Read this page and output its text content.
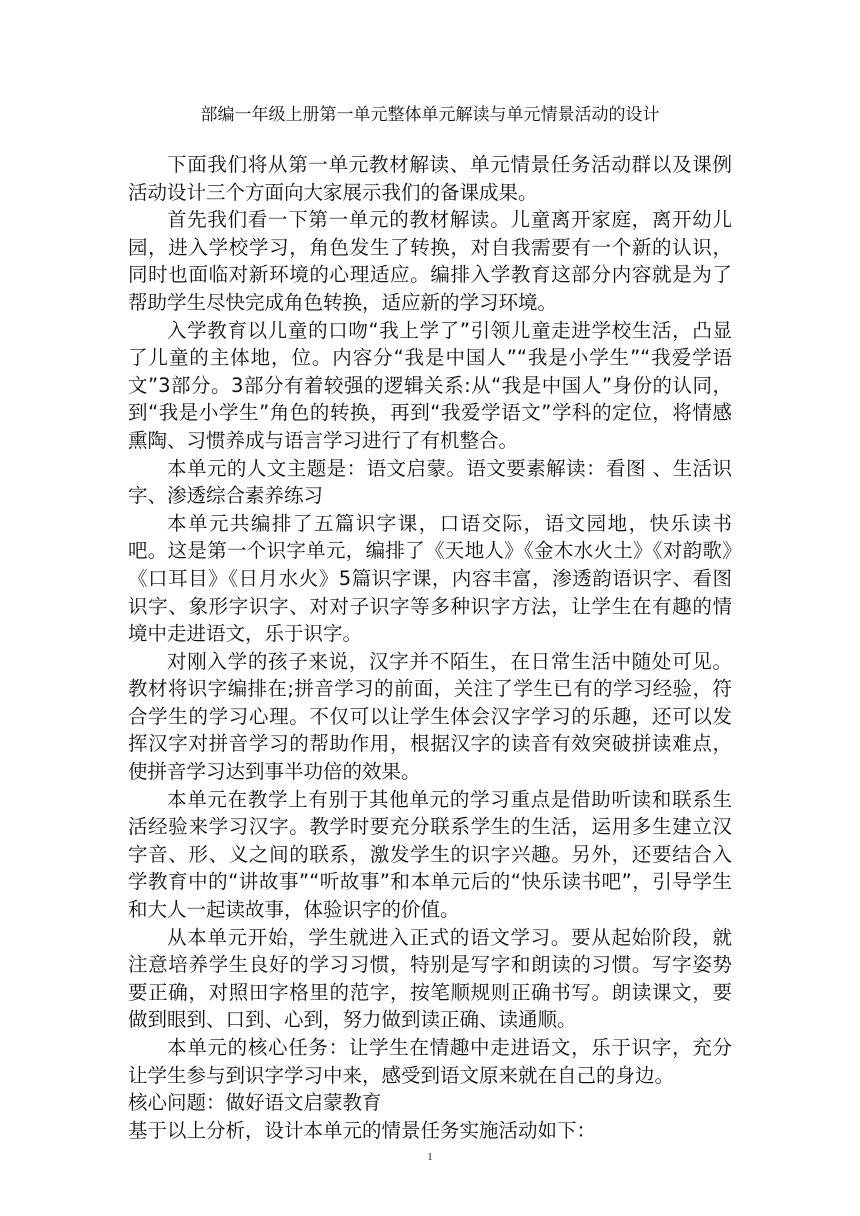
部编一年级上册第一单元整体单元解读与单元情景活动的设计

下面我们将从第一单元教材解读、单元情景任务活动群以及课例活动设计三个方面向大家展示我们的备课成果。

首先我们看一下第一单元的教材解读。儿童离开家庭，离开幼儿园，进入学校学习，角色发生了转换，对自我需要有一个新的认识，同时也面临对新环境的心理适应。编排入学教育这部分内容就是为了帮助学生尽快完成角色转换，适应新的学习环境。

入学教育以儿童的口吻“我上学了”引领儿童走进学校生活，凸显了儿童的主体地，位。内容分“我是中国人”“我是小学生”“我爱学语文”3部分。3部分有着较强的逻辑关系:从“我是中国人”身份的认同，到“我是小学生”角色的转换，再到“我爱学语文”学科的定位，将情感熏陶、习惯养成与语言学习进行了有机整合。

本单元的人文主题是：语文启蒙。语文要素解读：看图 、生活识字、渗透综合素养练习

本单元共编排了五篇识字课，口语交际，语文园地，快乐读书吧。这是第一个识字单元，编排了《天地人》《金木水火土》《对韵歌》《口耳目》《日月水火》5篇识字课，内容丰富，渗透韵语识字、看图识字、象形字识字、对对子识字等多种识字方法，让学生在有趣的情境中走进语文，乐于识字。

对刚入学的孩子来说，汉字并不陌生，在日常生活中随处可见。教材将识字编排在;拼音学习的前面，关注了学生已有的学习经验，符合学生的学习心理。不仅可以让学生体会汉字学习的乐趣，还可以发挥汉字对拼音学习的帮助作用，根据汉字的读音有效突破拼读难点，使拼音学习达到事半功倍的效果。

本单元在教学上有别于其他单元的学习重点是借助听读和联系生活经验来学习汉字。教学时要充分联系学生的生活，运用多生建立汉字音、形、义之间的联系，激发学生的识字兴趣。另外，还要结合入学教育中的“讲故事”“听故事”和本单元后的“快乐读书吧”，引导学生和大人一起读故事，体验识字的价值。

从本单元开始，学生就进入正式的语文学习。要从起始阶段，就注意培养学生良好的学习习惯，特别是写字和朗读的习惯。写字姿势要正确，对照田字格里的范字，按笔顺规则正确书写。朗读课文，要做到眼到、口到、心到，努力做到读正确、读通顺。

本单元的核心任务：让学生在情趣中走进语文，乐于识字，充分让学生参与到识字学习中来，感受到语文原来就在自己的身边。

核心问题：做好语文启蒙教育

基于以上分析，设计本单元的情景任务实施活动如下：

1
